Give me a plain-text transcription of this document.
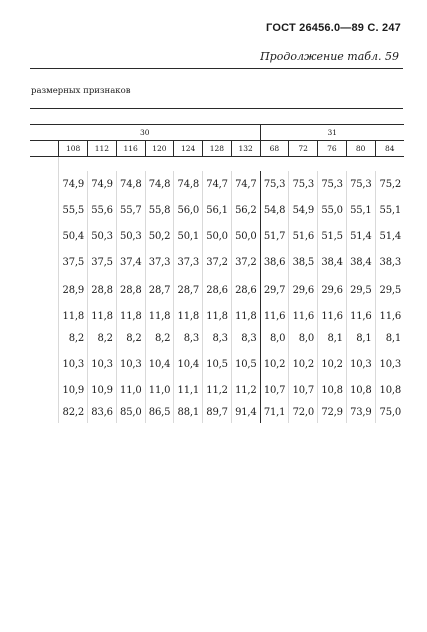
ГОСТ 26456.0—89 С. 247
Продолжение табл. 59
размерных признаков
30								31				
	108	112	116	120	124	128	132	68	72	76	80	84

	74,9	74,9	74,8	74,8	74,8	74,7	74,7	75,3	75,3	75,3	75,3	75,2
	55,5	55,6	55,7	55,8	56,0	56,1	56,2	54,8	54,9	55,0	55,1	55,1
	50,4	50,3	50,3	50,2	50,1	50,0	50,0	51,7	51,6	51,5	51,4	51,4
	37,5	37,5	37,4	37,3	37,3	37,2	37,2	38,6	38,5	38,4	38,4	38,3
	28,9	28,8	28,8	28,7	28,7	28,6	28,6	29,7	29,6	29,6	29,5	29,5
	11,8	11,8	11,8	11,8	11,8	11,8	11,8	11,6	11,6	11,6	11,6	11,6
	8,2	8,2	8,2	8,2	8,3	8,3	8,3	8,0	8,0	8,1	8,1	8,1
	10,3	10,3	10,3	10,4	10,4	10,5	10,5	10,2	10,2	10,2	10,3	10,3
	10,9	10,9	11,0	11,0	11,1	11,2	11,2	10,7	10,7	10,8	10,8	10,8
	82,2	83,6	85,0	86,5	88,1	89,7	91,4	71,1	72,0	72,9	73,9	75,0
